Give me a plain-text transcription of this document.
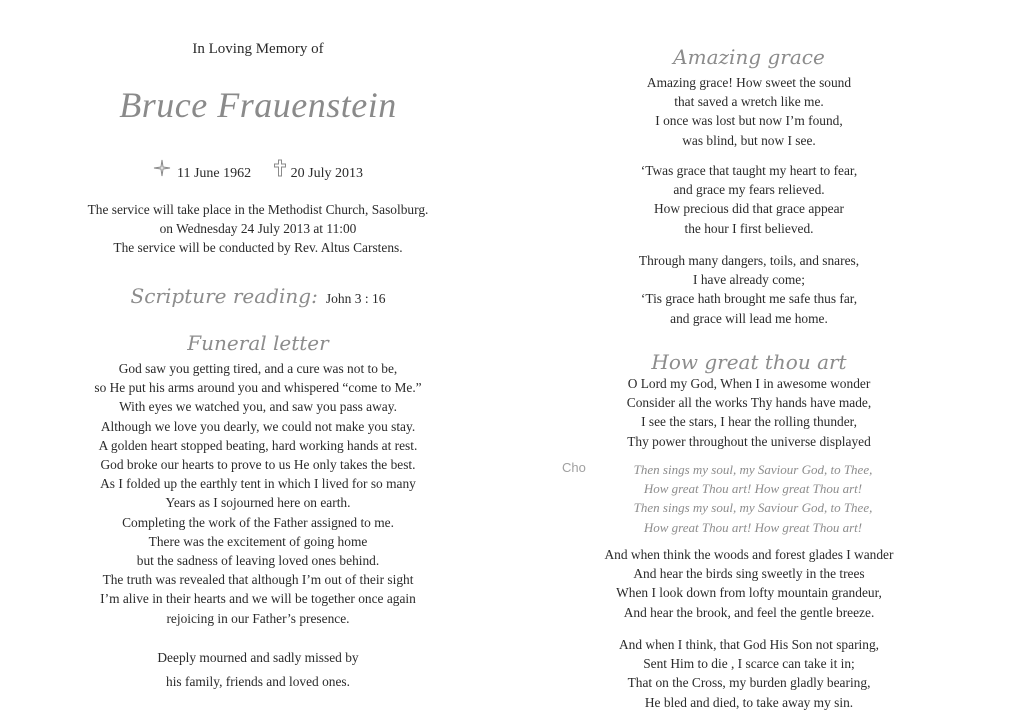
In Loving Memory of
Bruce Frauenstein
11 June 1962	20 July 2013
The service will take place in the Methodist Church, Sasolburg.
on Wednesday 24 July 2013 at 11:00
The service will be conducted by Rev. Altus Carstens.
Scripture reading: John 3 : 16
Funeral letter
God saw you getting tired, and a cure was not to be,
so He put his arms around you and whispered “come to Me.”
With eyes we watched you, and saw you pass away.
Although we love you dearly, we could not make you stay.
A golden heart stopped beating, hard working hands at rest.
God broke our hearts to prove to us He only takes the best.
As I folded up the earthly tent in which I lived for so many
Years as I sojourned here on earth.
Completing the work of the Father assigned to me.
There was the excitement of going home
but the sadness of leaving loved ones behind.
The truth was revealed that although I’m out of their sight
I’m alive in their hearts and we will be together once again
rejoicing in our Father’s presence.
Deeply mourned and sadly missed by
his family, friends and loved ones.
Amazing grace
Amazing grace! How sweet the sound
that saved a wretch like me.
I once was lost but now I’m found,
was blind, but now I see.
‘Twas grace that taught my heart to fear,
and grace my fears relieved.
How precious did that grace appear
the hour I first believed.
Through many dangers, toils, and snares,
I have already come;
‘Tis grace hath brought me safe thus far,
and grace will lead me home.
How great thou art
O Lord my God, When I in awesome wonder
Consider all the works Thy hands have made,
I see the stars, I hear the rolling thunder,
Thy power throughout the universe displayed
And when think the woods and forest glades I wander
And hear the birds sing sweetly in the trees
When I look down from lofty mountain grandeur,
And hear the brook, and feel the gentle breeze.
And when I think, that God His Son not sparing,
Sent Him to die , I scarce can take it in;
That on the Cross, my burden gladly bearing,
He bled and died, to take away my sin.
Cho	Then sings my soul, my Saviour God, to Thee,
How great Thou art! How great Thou art!
Then sings my soul, my Saviour God, to Thee,
How great Thou art! How great Thou art!
